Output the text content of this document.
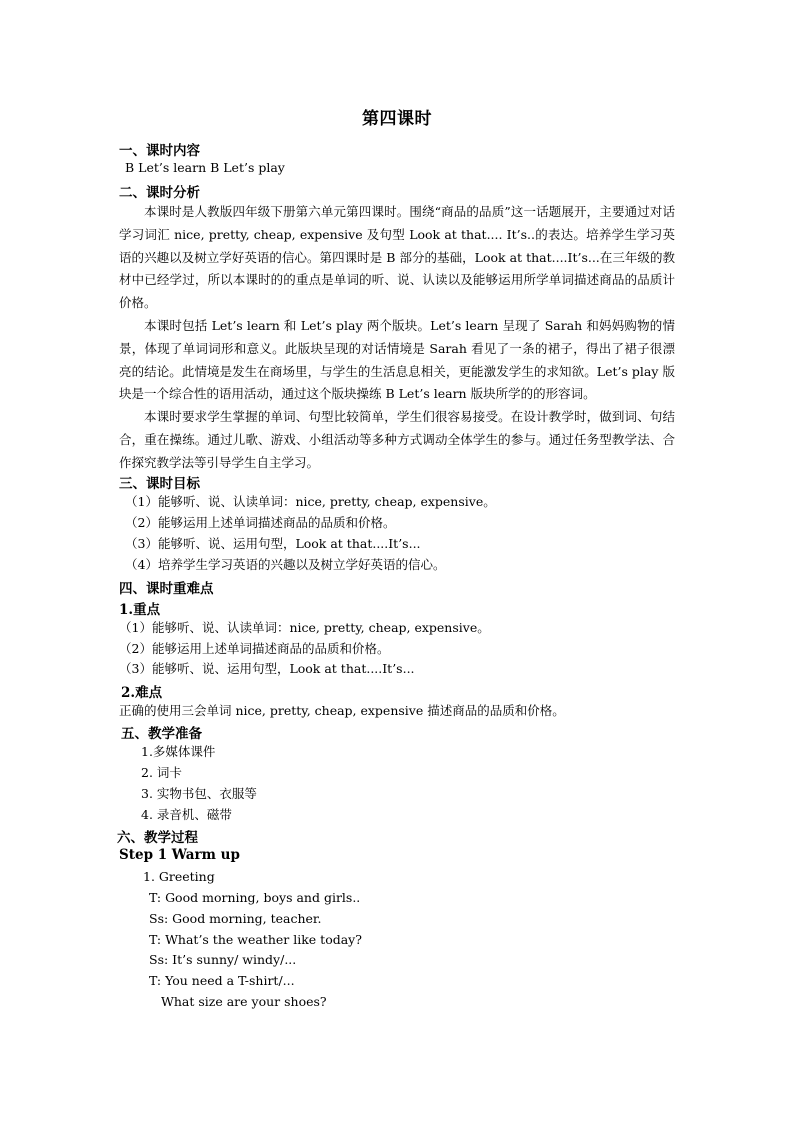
第四课时
一、课时内容
B Let’s learn B Let’s play
二、课时分析
本课时是人教版四年级下册第六单元第四课时。围绕“商品的品质”这一话题展开，主要通过对话学习词汇 nice, pretty, cheap, expensive 及句型 Look at that.... It’s..的表达。培养学生学习英语的兴趣以及树立学好英语的信心。第四课时是 B 部分的基础，Look at that....It’s...在三年级的教材中已经学过，所以本课时的的重点是单词的听、说、认读以及能够运用所学单词描述商品的品质计价格。
本课时包括 Let’s learn 和 Let’s play 两个版块。Let’s learn 呈现了 Sarah 和妈妈购物的情景，体现了单词词形和意义。此版块呈现的对话情境是 Sarah 看见了一条的裙子，得出了裙子很漂亮的结论。此情境是发生在商场里，与学生的生活息息相关，更能激发学生的求知欲。Let’s play 版块是一个综合性的语用活动，通过这个版块操练 B Let’s learn 版块所学的的形容词。
本课时要求学生掌握的单词、句型比较简单，学生们很容易接受。在设计教学时，做到词、句结合，重在操练。通过儿歌、游戏、小组活动等多种方式调动全体学生的参与。通过任务型教学法、合作探究教学法等引导学生自主学习。
三、课时目标
（1）能够听、说、认读单词：nice, pretty, cheap, expensive。
（2）能够运用上述单词描述商品的品质和价格。
（3）能够听、说、运用句型，Look at that....It’s...
（4）培养学生学习英语的兴趣以及树立学好英语的信心。
四、课时重难点
1.重点
（1）能够听、说、认读单词：nice, pretty, cheap, expensive。
（2）能够运用上述单词描述商品的品质和价格。
（3）能够听、说、运用句型，Look at that....It’s...
2.难点
正确的使用三会单词 nice, pretty, cheap, expensive 描述商品的品质和价格。
五、教学准备
1.多媒体课件
2. 词卡
3. 实物书包、衣服等
4. 录音机、磁带
六、教学过程
Step 1 Warm up
1. Greeting
T: Good morning, boys and girls..
Ss: Good morning, teacher.
T: What’s the weather like today?
Ss: It’s sunny/ windy/...
T: You need a T-shirt/...
What size are your shoes?
